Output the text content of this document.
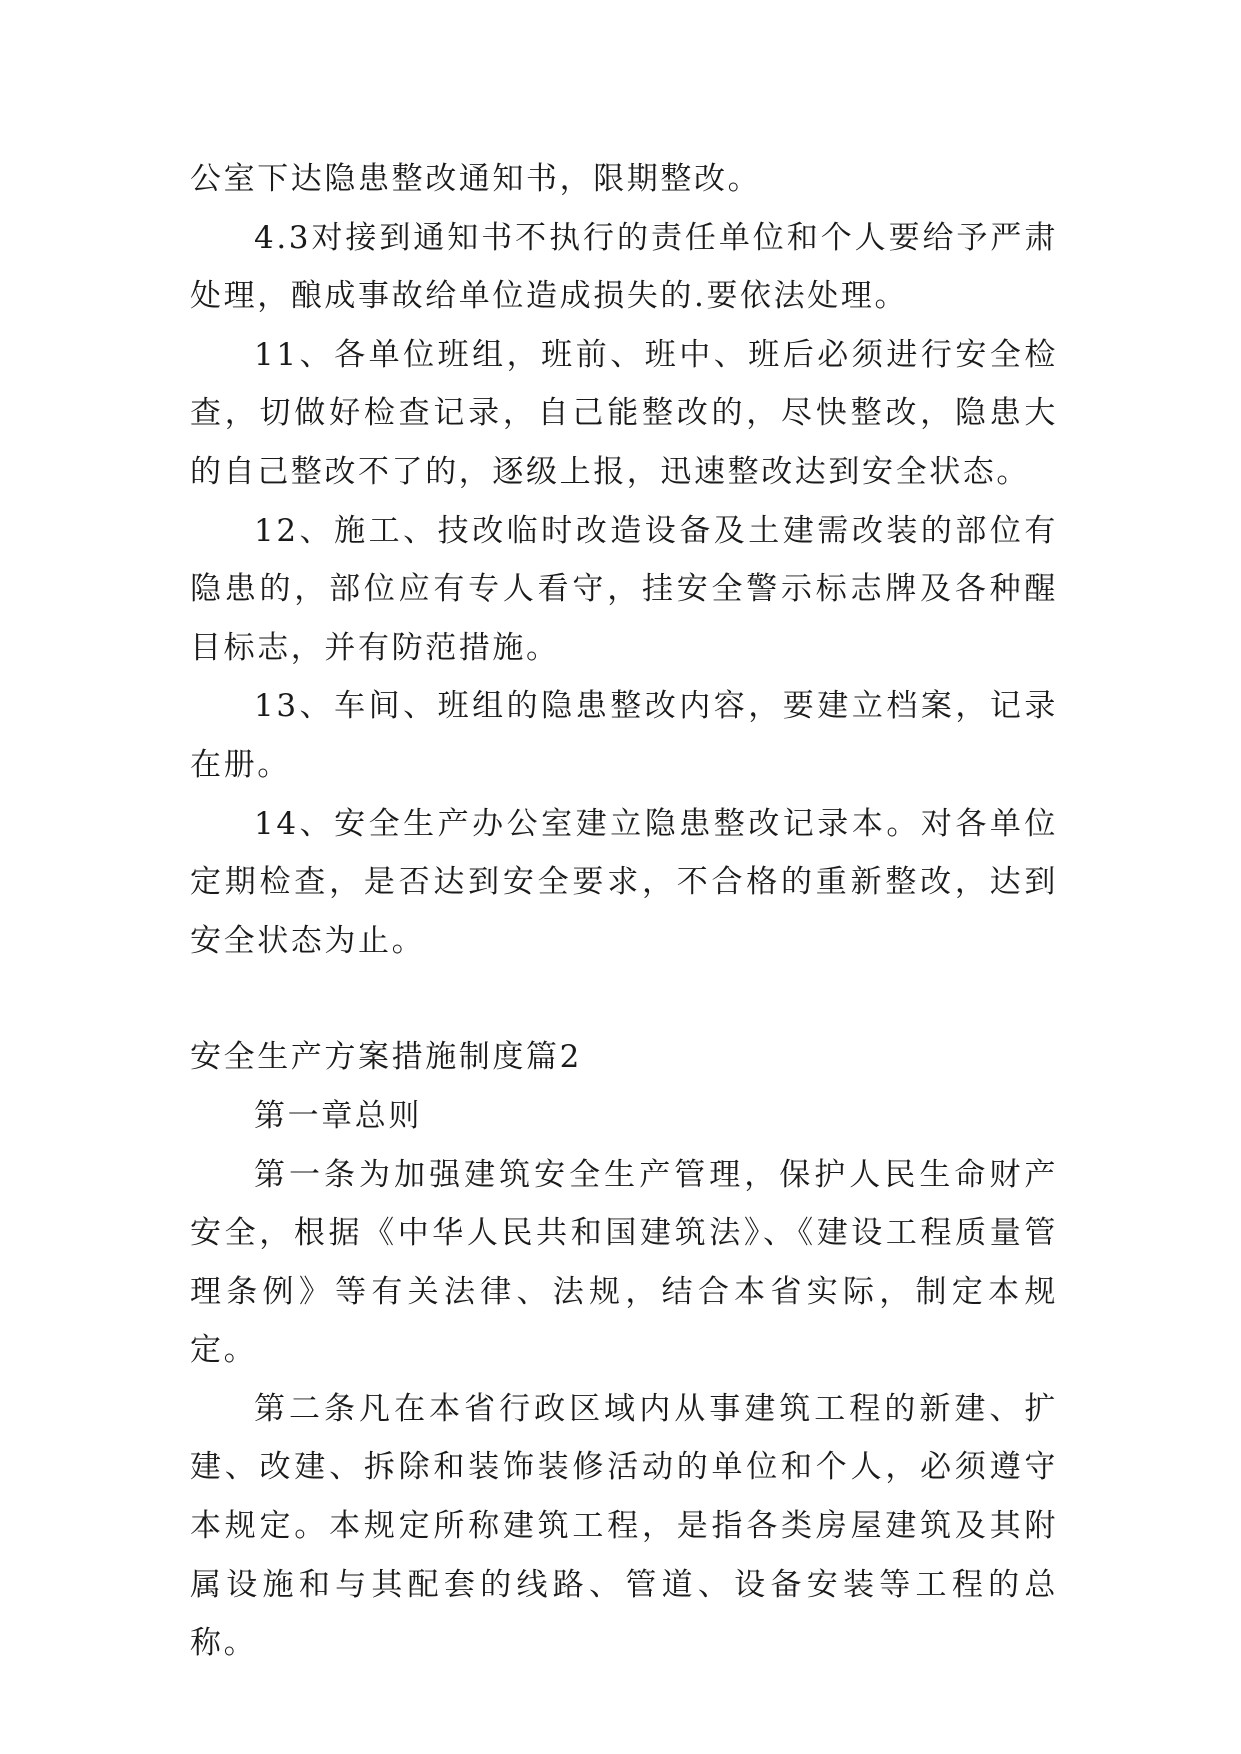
公室下达隐患整改通知书，限期整改。

4.3对接到通知书不执行的责任单位和个人要给予严肃处理，酿成事故给单位造成损失的.要依法处理。

11、各单位班组，班前、班中、班后必须进行安全检查，切做好检查记录，自己能整改的，尽快整改，隐患大的自己整改不了的，逐级上报，迅速整改达到安全状态。

12、施工、技改临时改造设备及土建需改装的部位有隐患的，部位应有专人看守，挂安全警示标志牌及各种醒目标志，并有防范措施。

13、车间、班组的隐患整改内容，要建立档案，记录在册。

14、安全生产办公室建立隐患整改记录本。对各单位定期检查，是否达到安全要求，不合格的重新整改，达到安全状态为止。

安全生产方案措施制度篇2

第一章总则

第一条为加强建筑安全生产管理，保护人民生命财产安全，根据《中华人民共和国建筑法》、《建设工程质量管理条例》等有关法律、法规，结合本省实际，制定本规定。

第二条凡在本省行政区域内从事建筑工程的新建、扩建、改建、拆除和装饰装修活动的单位和个人，必须遵守本规定。本规定所称建筑工程，是指各类房屋建筑及其附属设施和与其配套的线路、管道、设备安装等工程的总称。
